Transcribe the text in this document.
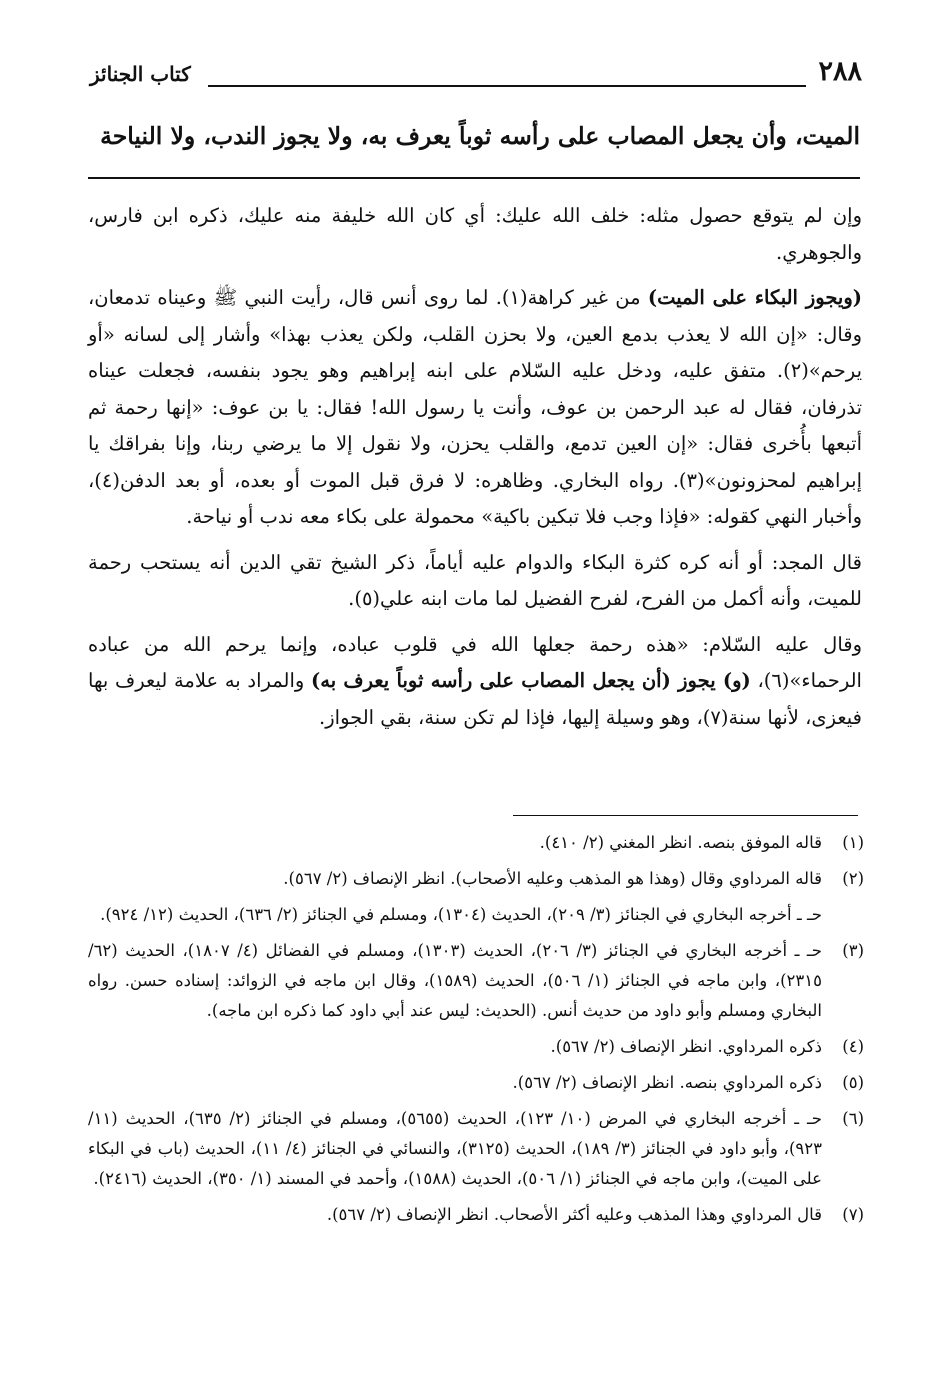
٢٨٨
كتاب الجنائز
الميت، وأن يجعل المصاب على رأسه ثوباً يعرف به، ولا يجوز الندب، ولا النياحة

وإن لم يتوقع حصول مثله: خلف الله عليك: أي كان الله خليفة منه عليك، ذكره ابن فارس، والجوهري.

(ويجوز البكاء على الميت) من غير كراهة(١). لما روى أنس قال، رأيت النبي ﷺ وعيناه تدمعان، وقال: «إن الله لا يعذب بدمع العين، ولا بحزن القلب، ولكن يعذب بهذا» وأشار إلى لسانه «أو يرحم»(٢). متفق عليه، ودخل عليه السّلام على ابنه إبراهيم وهو يجود بنفسه، فجعلت عيناه تذرفان، فقال له عبد الرحمن بن عوف، وأنت يا رسول الله! فقال: يا بن عوف: «إنها رحمة ثم أتبعها بأُخرى فقال: «إن العين تدمع، والقلب يحزن، ولا نقول إلا ما يرضي ربنا، وإنا بفراقك يا إبراهيم لمحزونون»(٣). رواه البخاري. وظاهره: لا فرق قبل الموت أو بعده، أو بعد الدفن(٤)، وأخبار النهي كقوله: «فإذا وجب فلا تبكين باكية» محمولة على بكاء معه ندب أو نياحة.

قال المجد: أو أنه كره كثرة البكاء والدوام عليه أياماً، ذكر الشيخ تقي الدين أنه يستحب رحمة للميت، وأنه أكمل من الفرح، لفرح الفضيل لما مات ابنه علي(٥).

وقال عليه السّلام: «هذه رحمة جعلها الله في قلوب عباده، وإنما يرحم الله من عباده الرحماء»(٦)، (و) يجوز (أن يجعل المصاب على رأسه ثوباً يعرف به) والمراد به علامة ليعرف بها فيعزى، لأنها سنة(٧)، وهو وسيلة إليها، فإذا لم تكن سنة، بقي الجواز.

(١)
قاله الموفق بنصه. انظر المغني (٢/ ٤١٠).

(٢)
قاله المرداوي وقال (وهذا هو المذهب وعليه الأصحاب). انظر الإنصاف (٢/ ٥٦٧).

حـ ـ أخرجه البخاري في الجنائز (٣/ ٢٠٩)، الحديث (١٣٠٤)، ومسلم في الجنائز (٢/ ٦٣٦)، الحديث (١٢/ ٩٢٤).

(٣)
حـ ـ أخرجه البخاري في الجنائز (٣/ ٢٠٦)، الحديث (١٣٠٣)، ومسلم في الفضائل (٤/ ١٨٠٧)، الحديث (٦٢/ ٢٣١٥)، وابن ماجه في الجنائز (١/ ٥٠٦)، الحديث (١٥٨٩)، وقال ابن ماجه في الزوائد: إسناده حسن. رواه البخاري ومسلم وأبو داود من حديث أنس. (الحديث: ليس عند أبي داود كما ذكره ابن ماجه).

(٤)
ذكره المرداوي. انظر الإنصاف (٢/ ٥٦٧).

(٥)
ذكره المرداوي بنصه. انظر الإنصاف (٢/ ٥٦٧).

(٦)
حـ ـ أخرجه البخاري في المرض (١٠/ ١٢٣)، الحديث (٥٦٥٥)، ومسلم في الجنائز (٢/ ٦٣٥)، الحديث (١١/ ٩٢٣)، وأبو داود في الجنائز (٣/ ١٨٩)، الحديث (٣١٢٥)، والنسائي في الجنائز (٤/ ١١)، الحديث (باب في البكاء على الميت)، وابن ماجه في الجنائز (١/ ٥٠٦)، الحديث (١٥٨٨)، وأحمد في المسند (١/ ٣٥٠)، الحديث (٢٤١٦).

(٧)
قال المرداوي وهذا المذهب وعليه أكثر الأصحاب. انظر الإنصاف (٢/ ٥٦٧).
